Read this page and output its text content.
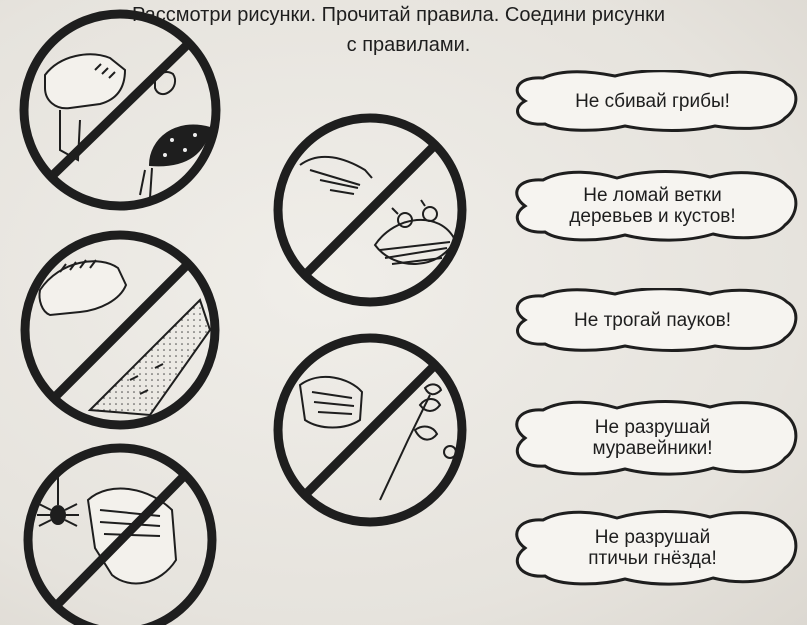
Рассмотри рисунки. Прочитай правила. Соедини рисунки
с правилами.
Не сбивай грибы!
Не ломай ветки деревьев и кустов!
Не трогай пауков!
Не разрушай муравейники!
Не разрушай птичьи гнёзда!
